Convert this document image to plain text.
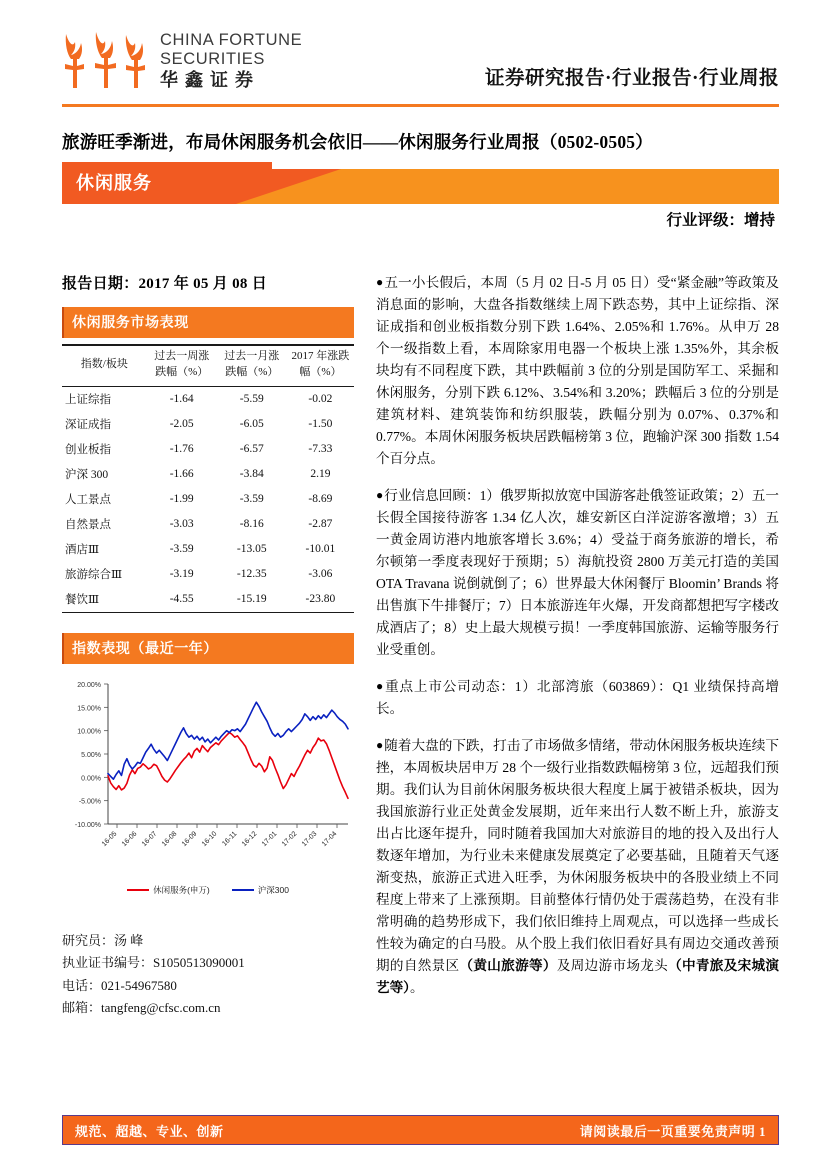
CHINA FORTUNE
SECURITIES
华鑫证券	证券研究报告·行业报告·行业周报
旅游旺季渐进，布局休闲服务机会依旧——休闲服务行业周报（0502-0505）
休闲服务
行业评级：增持
报告日期：2017 年 05 月 08 日
休闲服务市场表现
指数/板块

过去一周涨
跌幅（%）

过去一月涨
跌幅（%）

2017 年涨跌
幅（%）

上证综指	-1.64	-5.59	-0.02
深证成指	-2.05	-6.05	-1.50
创业板指	-1.76	-6.57	-7.33
沪深 300	-1.66	-3.84	2.19
人工景点	-1.99	-3.59	-8.69
自然景点	-3.03	-8.16	-2.87
酒店Ⅲ	-3.59	-13.05	-10.01
旅游综合Ⅲ	-3.19	-12.35	-3.06
餐饮Ⅲ	-4.55	-15.19	-23.80
指数表现（最近一年）
20.00%
15.00%
10.00%
5.00%
0.00%
-5.00%
-10.00%
16-05 16-06 16-07 16-08 16-09 16-10 16-11 16-12 17-01 17-02 17-03 17-04
休闲服务(申万)	沪深300
研究员：汤 峰
执业证书编号：S1050513090001
电话：021-54967580
邮箱：tangfeng@cfsc.com.cn
●五一小长假后，本周（5 月 02 日-5 月 05 日）受“紧金融”等政策及消息面的影响，大盘各指数继续上周下跌态势，其中上证综指、深证成指和创业板指数分别下跌 1.64%、2.05%和 1.76%。从申万 28 个一级指数上看，本周除家用电器一个板块上涨 1.35%外，其余板块均有不同程度下跌，其中跌幅前 3 位的分别是国防军工、采掘和休闲服务，分别下跌 6.12%、3.54%和 3.20%；跌幅后 3 位的分别是建筑材料、建筑装饰和纺织服装，跌幅分别为 0.07%、0.37%和 0.77%。本周休闲服务板块居跌幅榜第 3 位，跑输沪深 300 指数 1.54 个百分点。
●行业信息回顾：1）俄罗斯拟放宽中国游客赴俄签证政策；2）五一长假全国接待游客 1.34 亿人次，雄安新区白洋淀游客激增；3）五一黄金周访港内地旅客增长 3.6%；4）受益于商务旅游的增长，希尔顿第一季度表现好于预期；5）海航投资 2800 万美元打造的美国 OTA Travana 说倒就倒了；6）世界最大休闲餐厅 Bloomin’ Brands 将出售旗下牛排餐厅；7）日本旅游连年火爆，开发商都想把写字楼改成酒店了；8）史上最大规模亏损！一季度韩国旅游、运输等服务行业受重创。
●重点上市公司动态：1）北部湾旅（603869）：Q1 业绩保持高增长。
●随着大盘的下跌，打击了市场做多情绪，带动休闲服务板块连续下挫，本周板块居申万 28 个一级行业指数跌幅榜第 3 位，远超我们预期。我们认为目前休闲服务板块很大程度上属于被错杀板块，因为我国旅游行业正处黄金发展期，近年来出行人数不断上升，旅游支出占比逐年提升，同时随着我国加大对旅游目的地的投入及出行人数逐年增加，为行业未来健康发展奠定了必要基础，且随着天气逐渐变热，旅游正式进入旺季，为休闲服务板块中的各股业绩上不同程度上带来了上涨预期。目前整体行情仍处于震荡趋势，在没有非常明确的趋势形成下，我们依旧维持上周观点，可以选择一些成长性较为确定的白马股。从个股上我们依旧看好具有周边交通改善预期的自然景区（黄山旅游等）及周边游市场龙头（中青旅及宋城演艺等）。
规范、超越、专业、创新	请阅读最后一页重要免责声明 1
